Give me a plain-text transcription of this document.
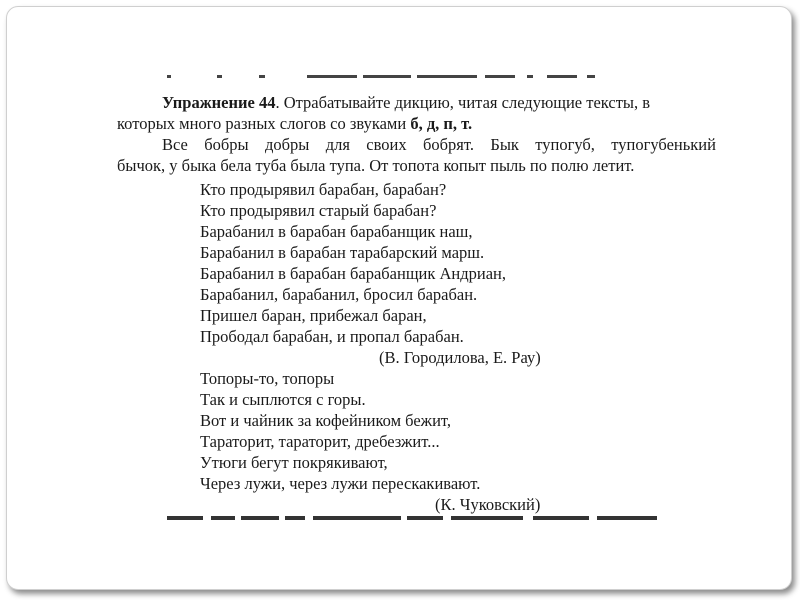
Упражнение 44. Отрабатывайте дикцию, читая следующие тексты, в
которых много разных слогов со звуками б, д, п, т.
Все бобры добры для своих бобрят. Бык тупогуб, тупогубенький
бычок, у быка бела туба была тупа. От топота копыт пыль по полю летит.
Кто продырявил барабан, барабан?
Кто продырявил старый барабан?
Барабанил в барабан барабанщик наш,
Барабанил в барабан тарабарский марш.
Барабанил в барабан барабанщик Андриан,
Барабанил, барабанил, бросил барабан.
Пришел баран, прибежал баран,
Прободал барабан, и пропал барабан.
(В. Городилова, Е. Рау)
Топоры-то, топоры
Так и сыплются с горы.
Вот и чайник за кофейником бежит,
Тараторит, тараторит, дребезжит...
Утюги бегут покрякивают,
Через лужи, через лужи перескакивают.
(К. Чуковский)
